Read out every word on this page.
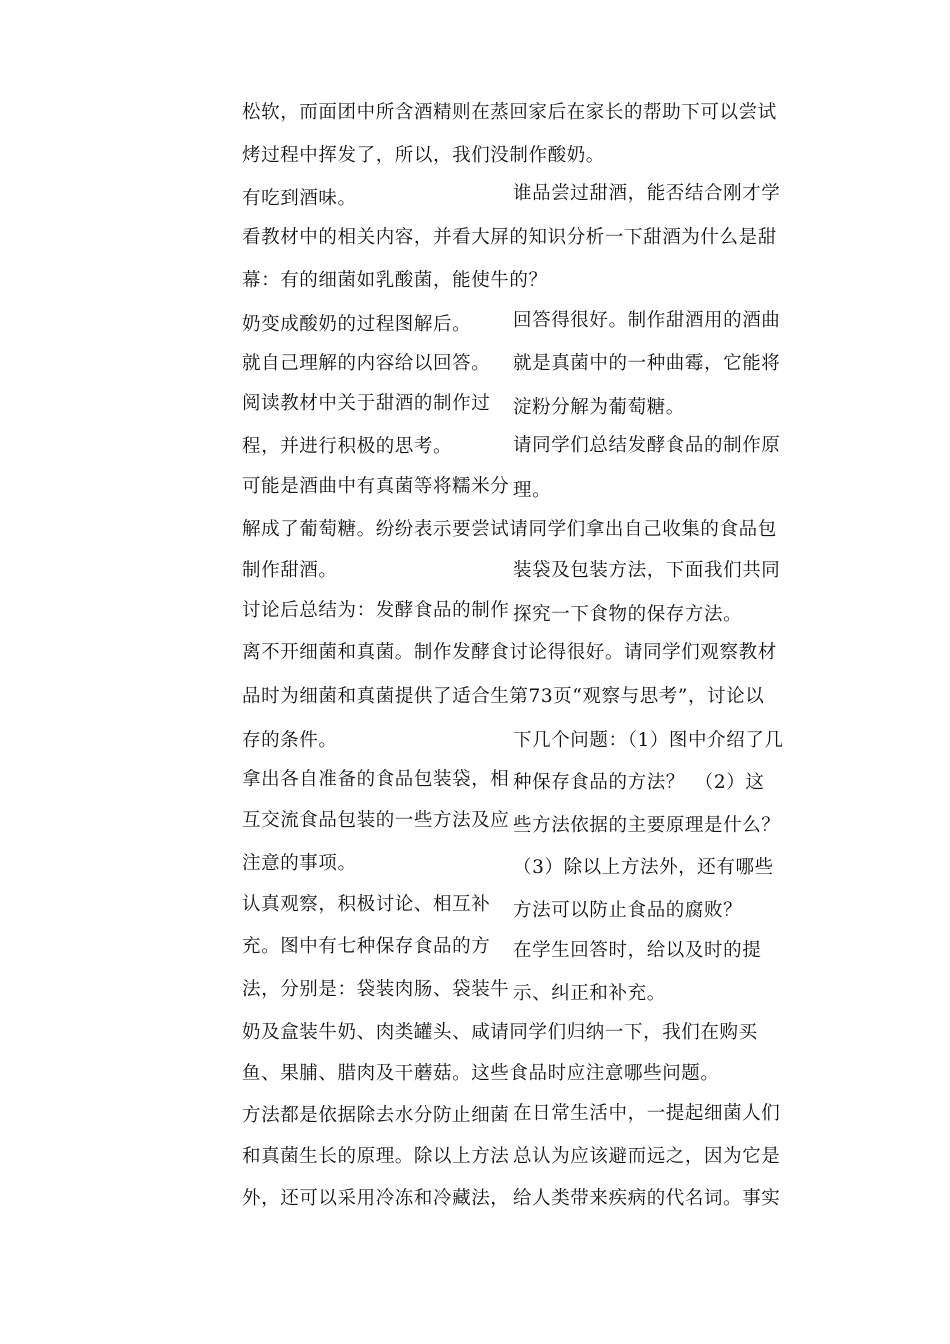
松软，而面团中所含酒精则在蒸回家后在家长的帮助下可以尝试
烤过程中挥发了，所以，我们没制作酸奶。
有吃到酒味。	谁品尝过甜酒，能否结合刚才学
看教材中的相关内容，并看大屏的知识分析一下甜酒为什么是甜
幕：有的细菌如乳酸菌，能使牛的？
奶变成酸奶的过程图解后。	回答得很好。制作甜酒用的酒曲
就自己理解的内容给以回答。	就是真菌中的一种曲霉，它能将
阅读教材中关于甜酒的制作过	淀粉分解为葡萄糖。
程，并进行积极的思考。	请同学们总结发酵食品的制作原
可能是酒曲中有真菌等将糯米分 理。
解成了葡萄糖。纷纷表示要尝试请同学们拿出自己收集的食品包
制作甜酒。	装袋及包装方法，下面我们共同
讨论后总结为：发酵食品的制作 探究一下食物的保存方法。
离不开细菌和真菌。制作发酵食讨论得很好。请同学们观察教材
品时为细菌和真菌提供了适合生第73页“观察与思考”，讨论以
存的条件。	下几个问题：（1）图中介绍了几
拿出各自准备的食品包装袋，相 种保存食品的方法？　（2）这
互交流食品包装的一些方法及应 些方法依据的主要原理是什么？
注意的事项。	（3）除以上方法外，还有哪些
认真观察，积极讨论、相互补	方法可以防止食品的腐败？
充。图中有七种保存食品的方	在学生回答时，给以及时的提
法，分别是：袋装肉肠、袋装牛 示、纠正和补充。
奶及盒装牛奶、肉类罐头、咸请同学们归纳一下，我们在购买
鱼、果脯、腊肉及干蘑菇。这些食品时应注意哪些问题。
方法都是依据除去水分防止细菌 在日常生活中，一提起细菌人们
和真菌生长的原理。除以上方法 总认为应该避而远之，因为它是
外，还可以采用冷冻和冷藏法， 给人类带来疾病的代名词。事实
